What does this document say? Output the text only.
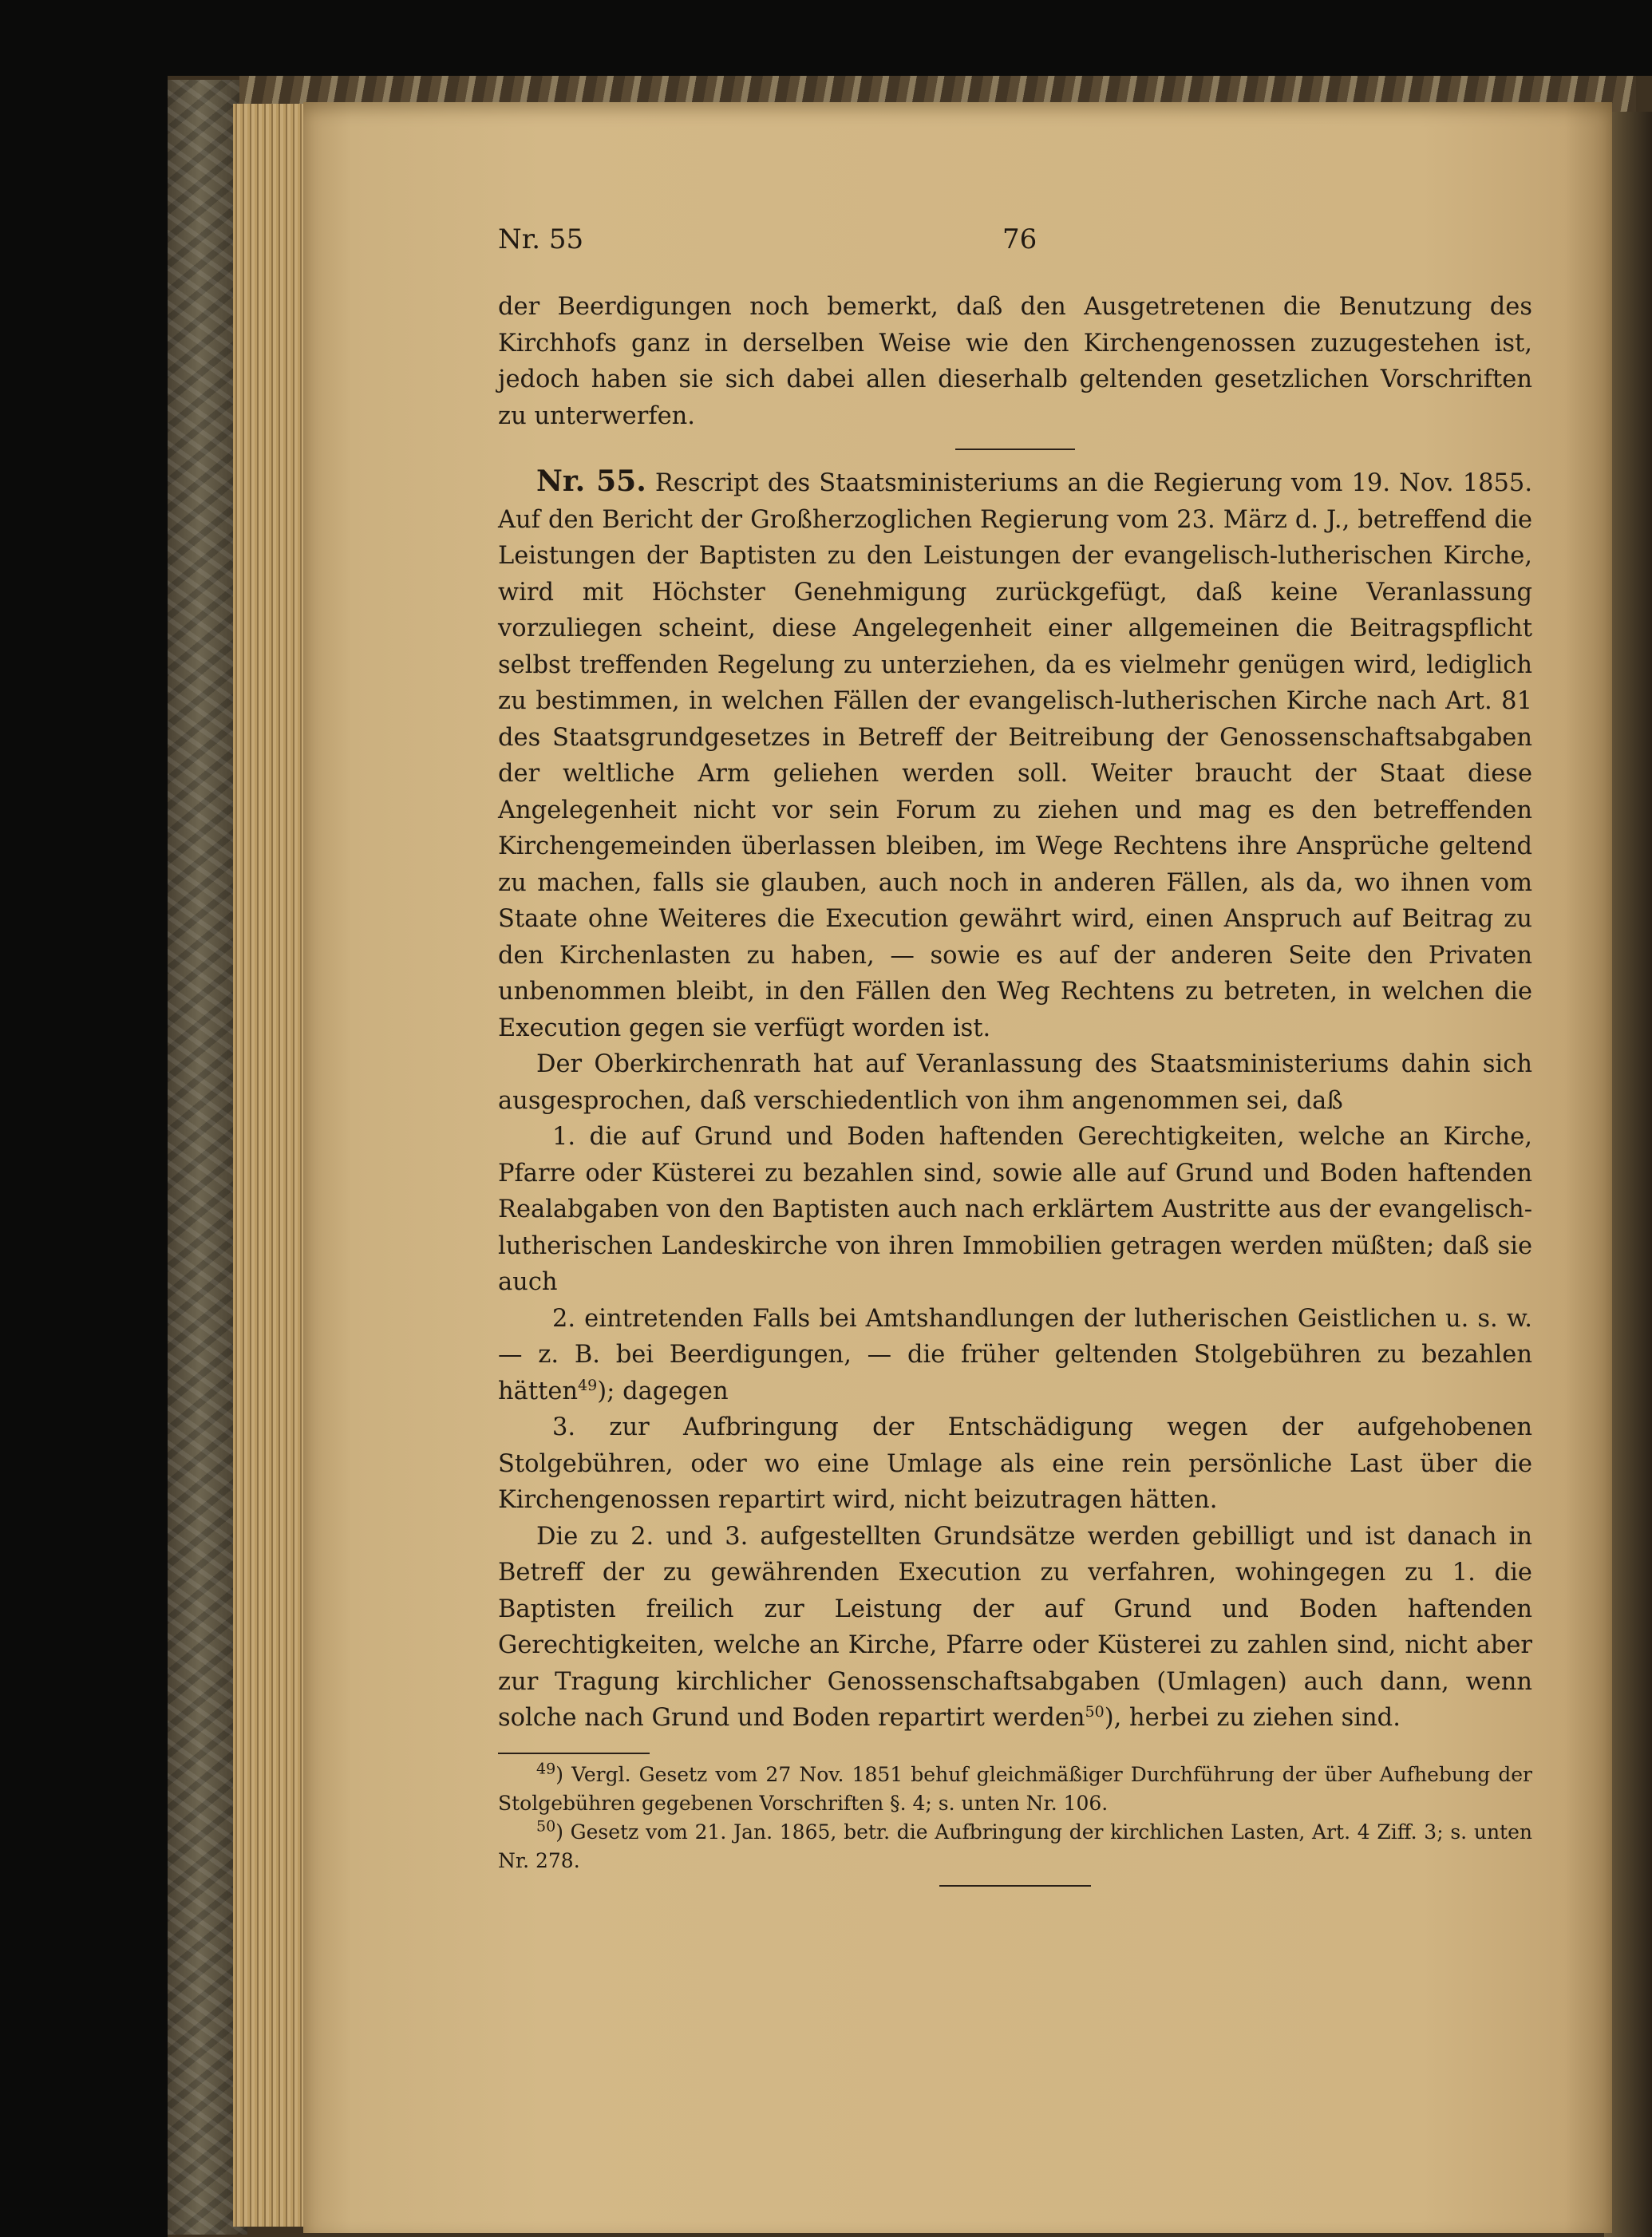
Nr. 55	76

der Beerdigungen noch bemerkt, daß den Ausgetretenen die Benutzung des Kirchhofs ganz in derselben Weise wie den Kirchengenossen zuzugestehen ist, jedoch haben sie sich dabei allen dieserhalb geltenden gesetzlichen Vorschriften zu unterwerfen.

Nr. 55. Rescript des Staatsministeriums an die Regierung vom 19. Nov. 1855. Auf den Bericht der Großherzoglichen Regierung vom 23. März d. J., betreffend die Leistungen der Baptisten zu den Leistungen der evangelisch-lutherischen Kirche, wird mit Höchster Genehmigung zurückgefügt, daß keine Veranlassung vorzuliegen scheint, diese Angelegenheit einer allgemeinen die Beitragspflicht selbst treffenden Regelung zu unterziehen, da es vielmehr genügen wird, lediglich zu bestimmen, in welchen Fällen der evangelisch-lutherischen Kirche nach Art. 81 des Staatsgrundgesetzes in Betreff der Beitreibung der Genossenschaftsabgaben der weltliche Arm geliehen werden soll. Weiter braucht der Staat diese Angelegenheit nicht vor sein Forum zu ziehen und mag es den betreffenden Kirchengemeinden überlassen bleiben, im Wege Rechtens ihre Ansprüche geltend zu machen, falls sie glauben, auch noch in anderen Fällen, als da, wo ihnen vom Staate ohne Weiteres die Execution gewährt wird, einen Anspruch auf Beitrag zu den Kirchenlasten zu haben, — sowie es auf der anderen Seite den Privaten unbenommen bleibt, in den Fällen den Weg Rechtens zu betreten, in welchen die Execution gegen sie verfügt worden ist.

Der Oberkirchenrath hat auf Veranlassung des Staatsministeriums dahin sich ausgesprochen, daß verschiedentlich von ihm angenommen sei, daß

1. die auf Grund und Boden haftenden Gerechtigkeiten, welche an Kirche, Pfarre oder Küsterei zu bezahlen sind, sowie alle auf Grund und Boden haftenden Realabgaben von den Baptisten auch nach erklärtem Austritte aus der evangelisch-lutherischen Landeskirche von ihren Immobilien getragen werden müßten; daß sie auch

2. eintretenden Falls bei Amtshandlungen der lutherischen Geistlichen u. s. w. — z. B. bei Beerdigungen, — die früher geltenden Stolgebühren zu bezahlen hätten$^{49}$); dagegen

3. zur Aufbringung der Entschädigung wegen der aufgehobenen Stolgebühren, oder wo eine Umlage als eine rein persönliche Last über die Kirchengenossen repartirt wird, nicht beizutragen hätten.

Die zu 2. und 3. aufgestellten Grundsätze werden gebilligt und ist danach in Betreff der zu gewährenden Execution zu verfahren, wohingegen zu 1. die Baptisten freilich zur Leistung der auf Grund und Boden haftenden Gerechtigkeiten, welche an Kirche, Pfarre oder Küsterei zu zahlen sind, nicht aber zur Tragung kirchlicher Genossenschaftsabgaben (Umlagen) auch dann, wenn solche nach Grund und Boden repartirt werden$^{50}$), herbei zu ziehen sind.

$^{49}$) Vergl. Gesetz vom 27 Nov. 1851 behuf gleichmäßiger Durchführung der über Aufhebung der Stolgebühren gegebenen Vorschriften §. 4; s. unten Nr. 106.

$^{50}$) Gesetz vom 21. Jan. 1865, betr. die Aufbringung der kirchlichen Lasten, Art. 4 Ziff. 3; s. unten Nr. 278.
